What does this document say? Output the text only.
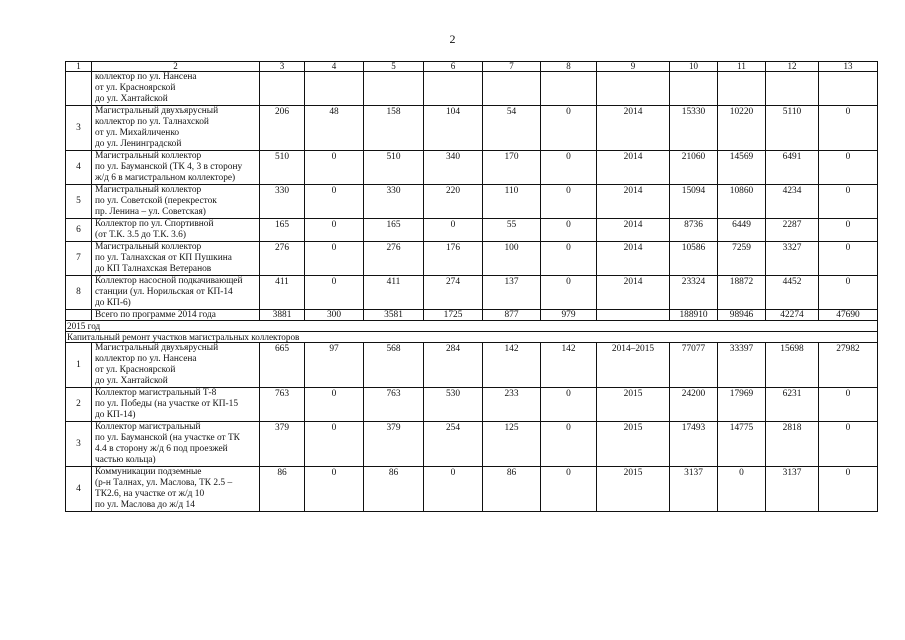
2
1	2	3	4	5	6	7	8	9	10	11	12	13
	коллектор по ул. Нансена
от ул. Красноярской
до ул. Хантайской											
3	Магистральный двухъярусный
коллектор по ул. Талнахской
от ул. Михайличенко
до ул. Ленинградской	206	48	158	104	54	0	2014	15330	10220	5110	0
4	Магистральный коллектор
по ул. Бауманской (ТК 4, 3 в сторону
ж/д 6 в магистральном коллекторе)	510	0	510	340	170	0	2014	21060	14569	6491	0
5	Магистральный коллектор
по ул. Советской (перекресток
пр. Ленина – ул. Советская)	330	0	330	220	110	0	2014	15094	10860	4234	0
6	Коллектор по ул. Спортивной
(от Т.К. 3.5 до Т.К. 3.6)	165	0	165	0	55	0	2014	8736	6449	2287	0
7	Магистральный коллектор
по ул. Талнахская от КП Пушкина
до КП Талнахская Ветеранов	276	0	276	176	100	0	2014	10586	7259	3327	0
8	Коллектор насосной подкачивающей
станции (ул. Норильская от КП-14
до КП-6)	411	0	411	274	137	0	2014	23324	18872	4452	0
	Всего по программе 2014 года	3881	300	3581	1725	877	979		188910	98946	42274	47690
2015 год												
Капитальный ремонт участков магистральных коллекторов												
1	Магистральный двухъярусный
коллектор по ул. Нансена
от ул. Красноярской
до ул. Хантайской	665	97	568	284	142	142	2014–2015	77077	33397	15698	27982
2	Коллектор магистральный Т-8
по ул. Победы (на участке от КП-15
до КП-14)	763	0	763	530	233	0	2015	24200	17969	6231	0
3	Коллектор магистральный
по ул. Бауманской (на участке от ТК
4.4 в сторону ж/д 6 под проезжей
частью кольца)	379	0	379	254	125	0	2015	17493	14775	2818	0
4	Коммуникации подземные
(р-н Талнах, ул. Маслова, ТК 2.5 –
ТК2.6, на участке от ж/д 10
по ул. Маслова до ж/д 14	86	0	86	0	86	0	2015	3137	0	3137	0
